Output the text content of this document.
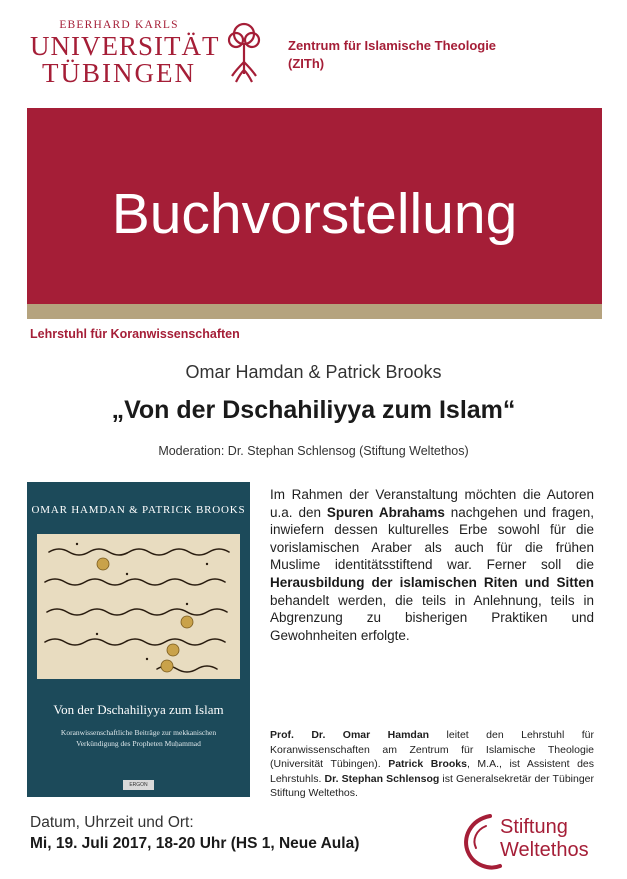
EBERHARD KARLS
UNIVERSITÄT
TÜBINGEN
Zentrum für Islamische Theologie
(ZITh)
Buchvorstellung
Lehrstuhl für Koranwissenschaften
Omar Hamdan & Patrick Brooks
„Von der Dschahiliyya zum Islam“
Moderation: Dr. Stephan Schlensog (Stiftung Weltethos)
OMAR HAMDAN & PATRICK BROOKS
Von der Dschahiliyya zum Islam
Koranwissenschaftliche Beiträge zur mekkanischen
Verkündigung des Propheten Muḥammad
ERGON
Im Rahmen der Veranstaltung möchten die Autoren u.a. den Spuren Abrahams nachgehen und fragen, inwiefern dessen kulturelles Erbe sowohl für die vorislamischen Araber als auch für die frühen Muslime identitätsstiftend war. Ferner soll die Herausbildung der islamischen Riten und Sitten behandelt werden, die teils in Anlehnung, teils in Abgrenzung zu bisherigen Praktiken und Gewohnheiten erfolgte.
Prof. Dr. Omar Hamdan leitet den Lehrstuhl für Koranwissenschaften am Zentrum für Islamische Theologie (Universität Tübingen). Patrick Brooks, M.A., ist Assistent des Lehrstuhls. Dr. Stephan Schlensog ist Generalsekretär der Tübinger Stiftung Weltethos.
Datum, Uhrzeit und Ort:
Mi, 19. Juli 2017, 18-20 Uhr (HS 1, Neue Aula)
Stiftung
Weltethos
